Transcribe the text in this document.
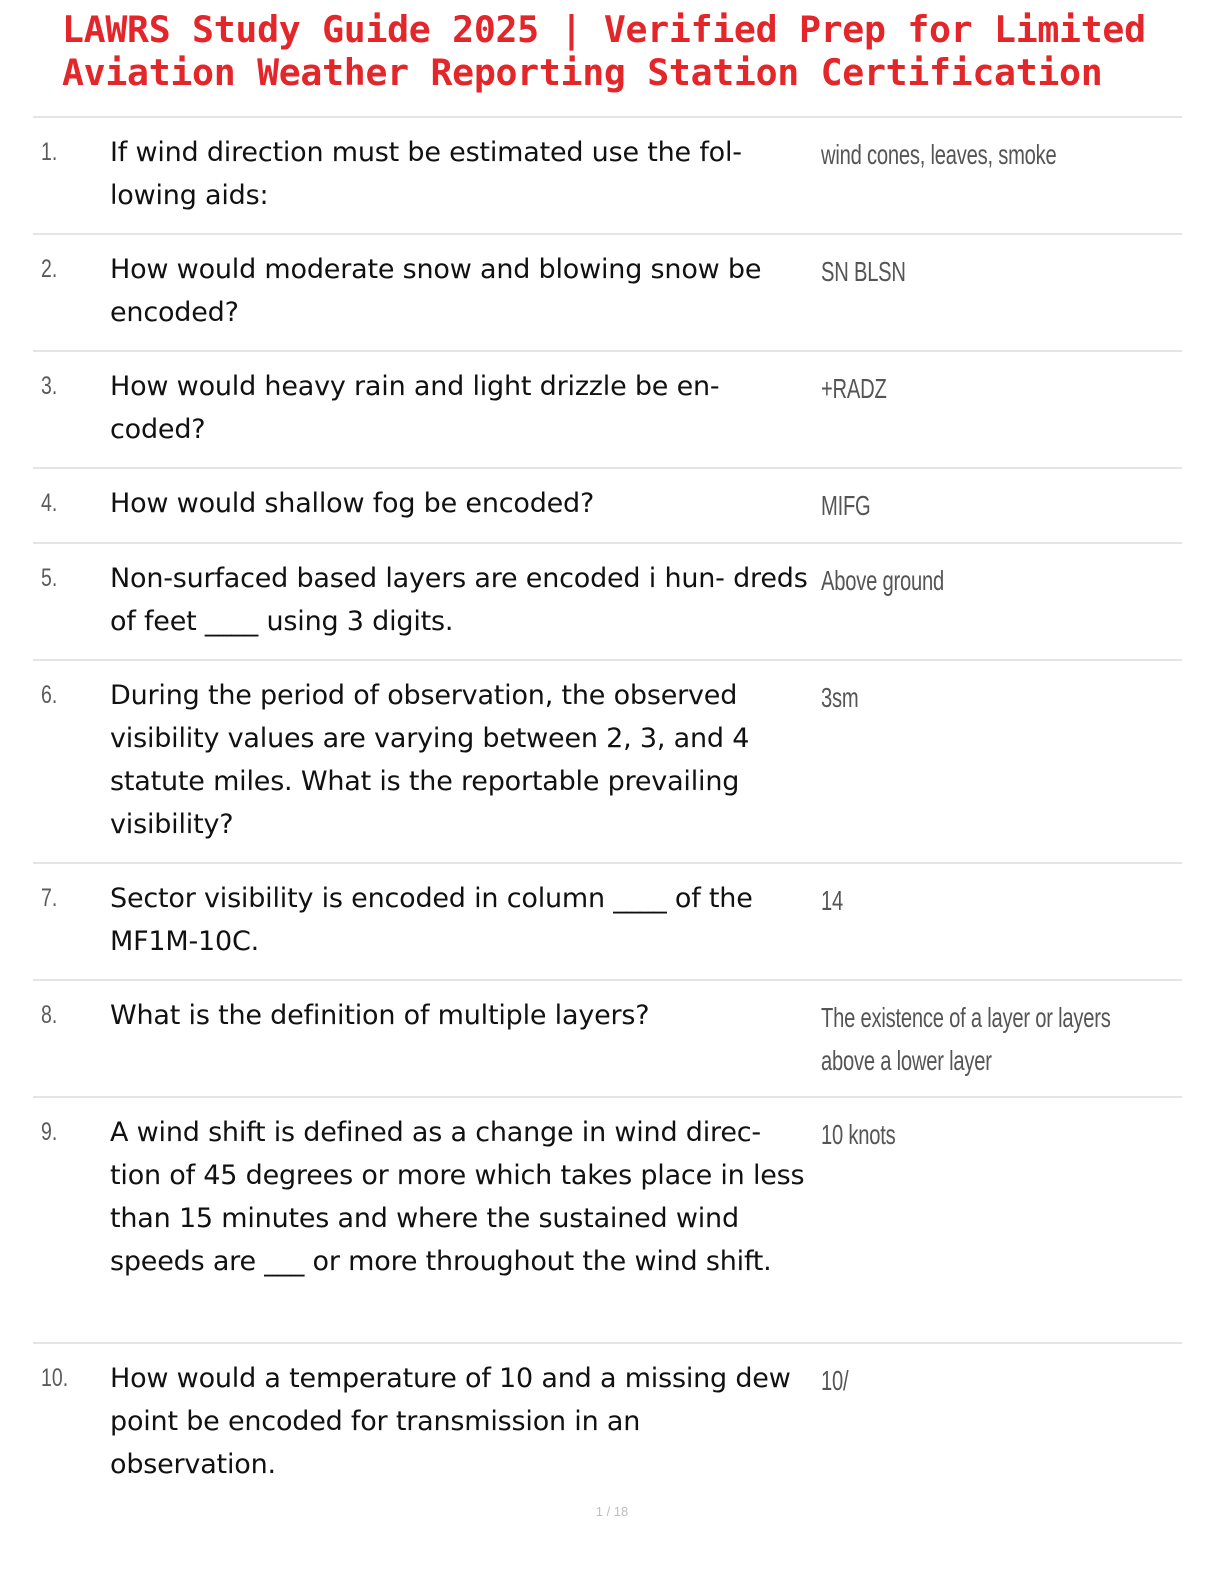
LAWRS Study Guide 2025 | Verified Prep for Limited Aviation Weather Reporting Station Certification
1. If wind direction must be estimated use the fol- lowing aids:
wind cones, leaves, smoke
2. How would moderate snow and blowing snow be encoded?
SN BLSN
3. How would heavy rain and light drizzle be en- coded?
+RADZ
4. How would shallow fog be encoded?	MIFG
5. Non-surfaced based layers are encoded i hun- dreds of feet ____ using 3 digits.
Above ground
6. During the period of observation, the observed visibility values are varying between 2, 3, and 4 statute miles. What is the reportable prevailing visibility?
3sm
7. Sector visibility is encoded in column ____ of the MF1M-10C.
14
8. What is the definition of multiple layers?	The existence of a layer or layers above a lower layer
9. A wind shift is defined as a change in wind direc- tion of 45 degrees or more which takes place in less than 15 minutes and where the sustained wind speeds are ___ or more throughout the wind shift.
10 knots
10. How would a temperature of 10 and a missing dew point be encoded for transmission in an observation.
10/
1 / 18
